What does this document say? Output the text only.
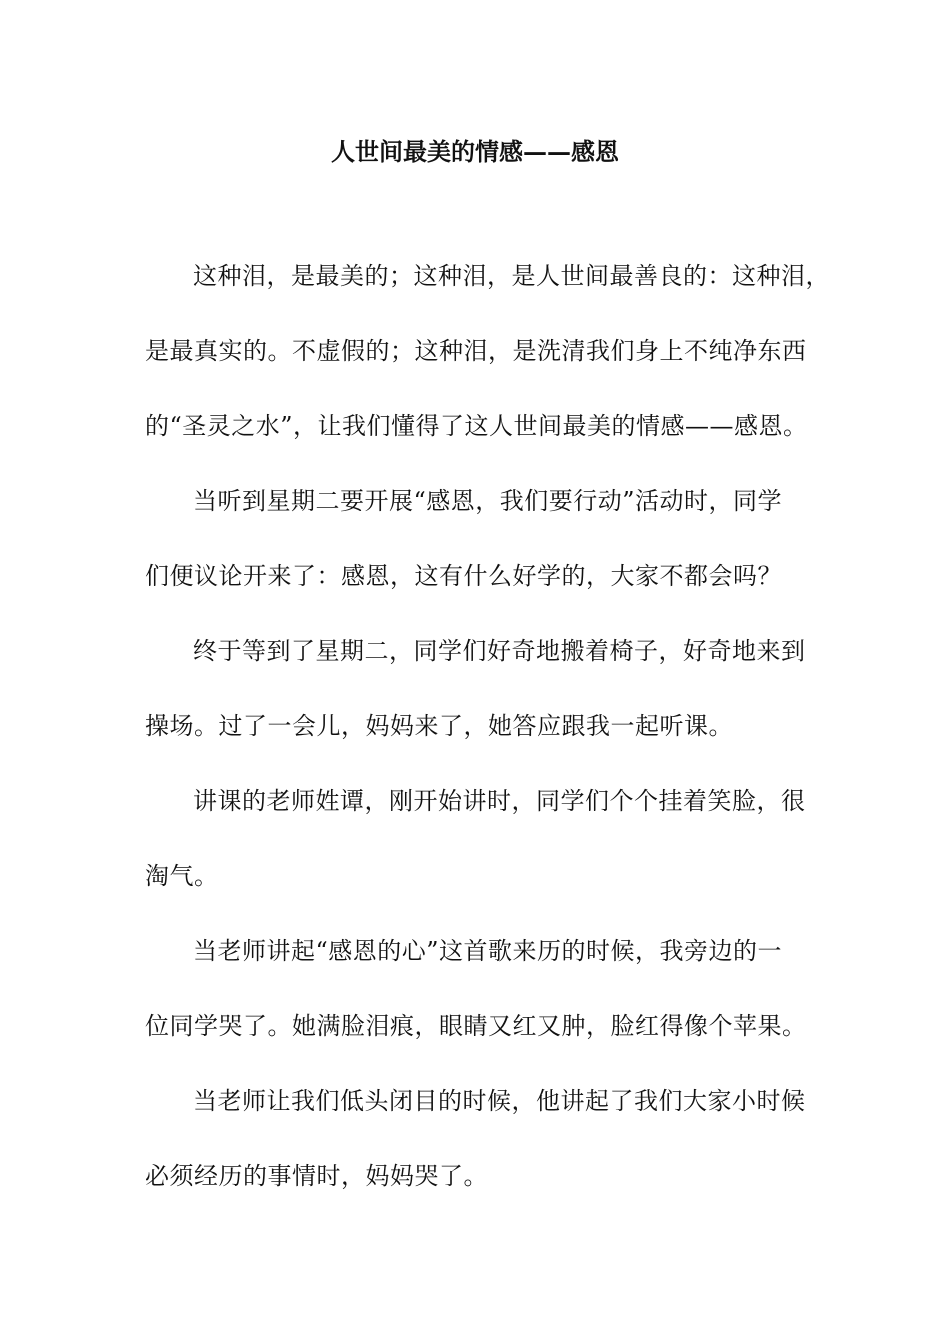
人世间最美的情感——感恩
这种泪，是最美的；这种泪，是人世间最善良的：这种泪，
是最真实的。不虚假的；这种泪，是洗清我们身上不纯净东西
的“圣灵之水”，让我们懂得了这人世间最美的情感——感恩。
当听到星期二要开展“感恩，我们要行动”活动时，同学
们便议论开来了：感恩，这有什么好学的，大家不都会吗？
终于等到了星期二，同学们好奇地搬着椅子，好奇地来到
操场。过了一会儿，妈妈来了，她答应跟我一起听课。
讲课的老师姓谭，刚开始讲时，同学们个个挂着笑脸，很
淘气。
当老师讲起“感恩的心”这首歌来历的时候，我旁边的一
位同学哭了。她满脸泪痕，眼睛又红又肿，脸红得像个苹果。
当老师让我们低头闭目的时候，他讲起了我们大家小时候
必须经历的事情时，妈妈哭了。
